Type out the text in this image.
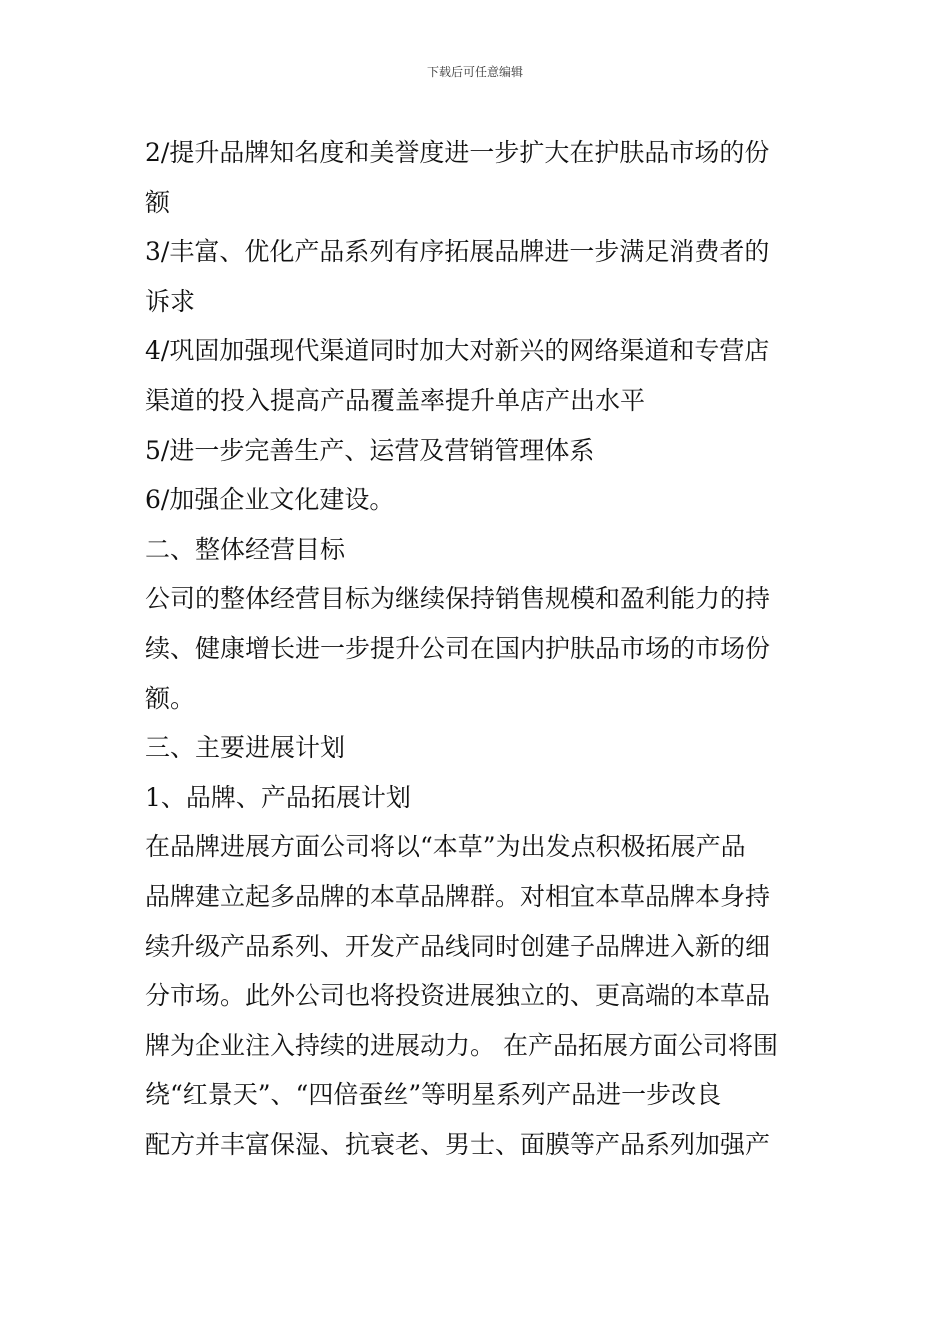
下载后可任意编辑
2/提升品牌知名度和美誉度进一步扩大在护肤品市场的份
额
3/丰富、优化产品系列有序拓展品牌进一步满足消费者的
诉求
4/巩固加强现代渠道同时加大对新兴的网络渠道和专营店
渠道的投入提高产品覆盖率提升单店产出水平
5/进一步完善生产、运营及营销管理体系
6/加强企业文化建设。
二、整体经营目标
公司的整体经营目标为继续保持销售规模和盈利能力的持
续、健康增长进一步提升公司在国内护肤品市场的市场份
额。
三、主要进展计划
1、品牌、产品拓展计划
在品牌进展方面公司将以“本草”为出发点积极拓展产品
品牌建立起多品牌的本草品牌群。对相宜本草品牌本身持
续升级产品系列、开发产品线同时创建子品牌进入新的细
分市场。此外公司也将投资进展独立的、更高端的本草品
牌为企业注入持续的进展动力。 在产品拓展方面公司将围
绕“红景天”、“四倍蚕丝”等明星系列产品进一步改良
配方并丰富保湿、抗衰老、男士、面膜等产品系列加强产
